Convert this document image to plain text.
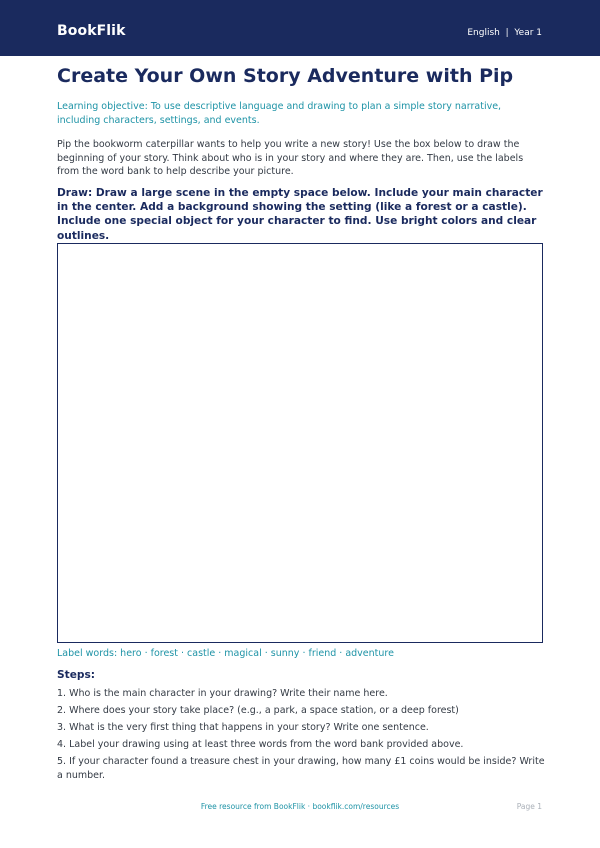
BookFlik	English  |  Year 1
Create Your Own Story Adventure with Pip

Learning objective: To use descriptive language and drawing to plan a simple story narrative, including characters, settings, and events.

Pip the bookworm caterpillar wants to help you write a new story! Use the box below to draw the beginning of your story. Think about who is in your story and where they are. Then, use the labels from the word bank to help describe your picture.

Draw: Draw a large scene in the empty space below. Include your main character in the center. Add a background showing the setting (like a forest or a castle). Include one special object for your character to find. Use bright colors and clear outlines.

Label words: hero · forest · castle · magical · sunny · friend · adventure

Steps:
1. Who is the main character in your drawing? Write their name here.
2. Where does your story take place? (e.g., a park, a space station, or a deep forest)
3. What is the very first thing that happens in your story? Write one sentence.
4. Label your drawing using at least three words from the word bank provided above.
5. If your character found a treasure chest in your drawing, how many £1 coins would be inside? Write a number.
Free resource from BookFlik · bookflik.com/resources	Page 1
